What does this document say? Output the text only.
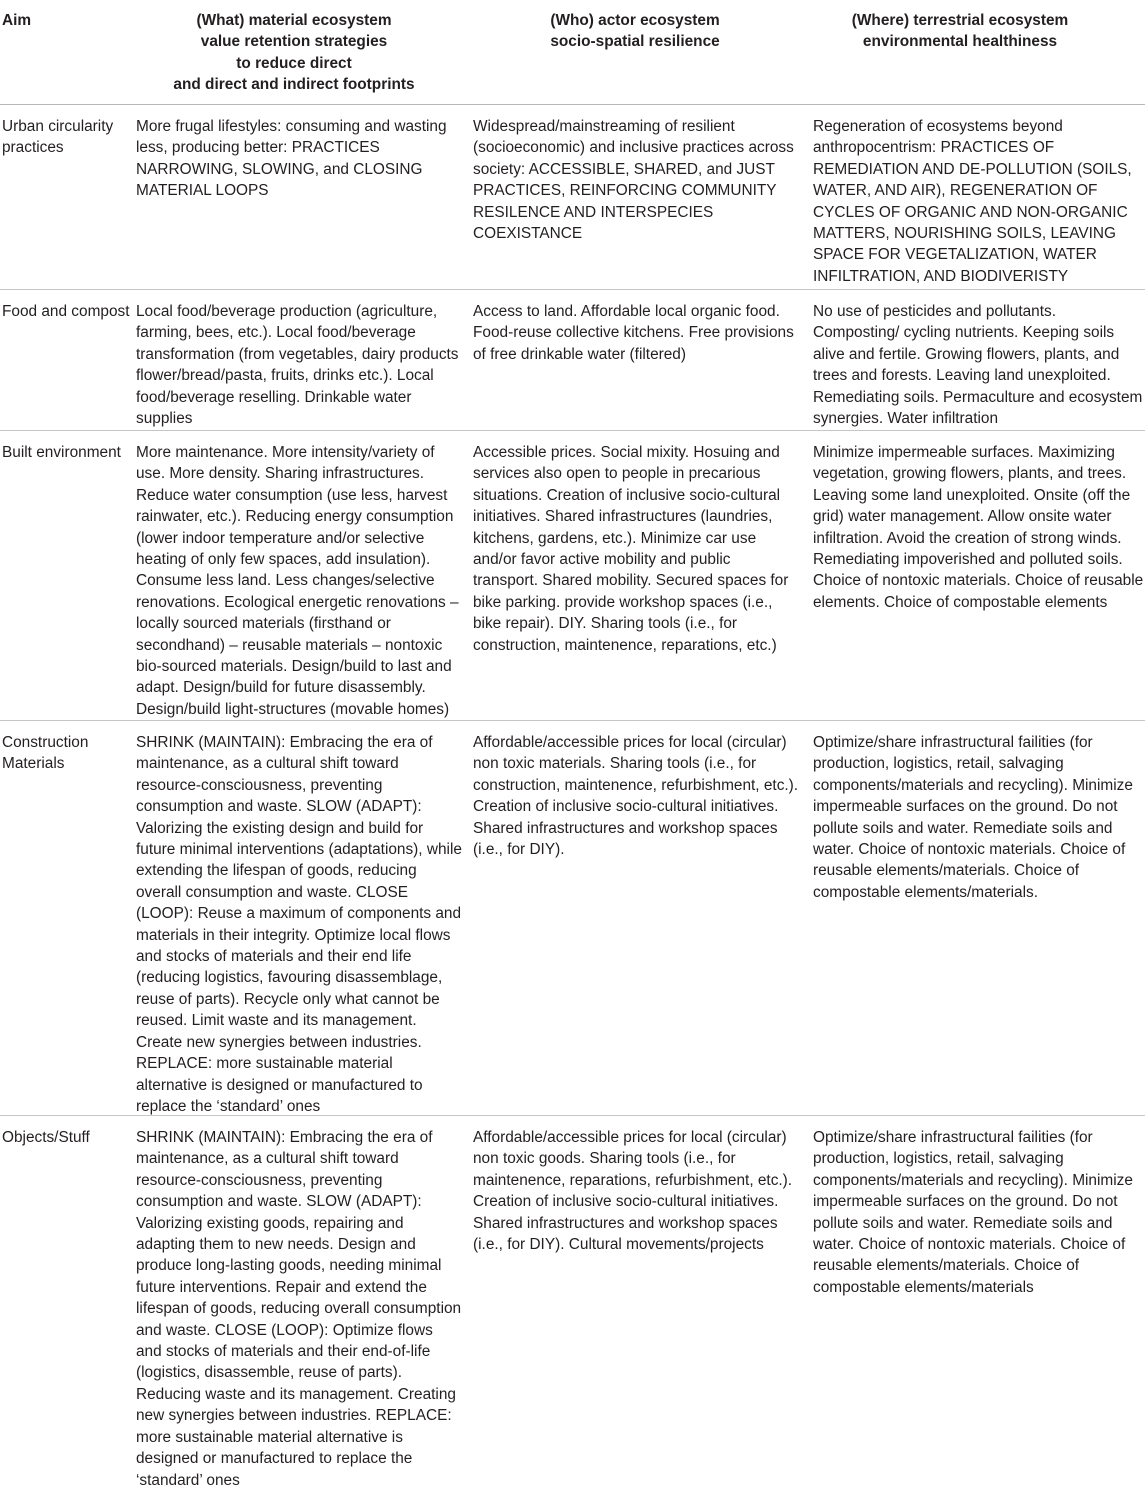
Aim	(What) material ecosystem
value retention strategies
to reduce direct
and direct and indirect footprints
(Who) actor ecosystem
socio-spatial resilience
(Where) terrestrial ecosystem
environmental healthiness
Urban circularity practices
More frugal lifestyles: consuming and wasting less, producing better: PRACTICES NARROWING, SLOWING, and CLOSING MATERIAL LOOPS
Widespread/mainstreaming of resilient (socioeconomic) and inclusive practices across society: ACCESSIBLE, SHARED, and JUST PRACTICES, REINFORCING COMMUNITY RESILENCE AND INTERSPECIES COEXISTANCE
Regeneration of ecosystems beyond anthropocentrism: PRACTICES OF REMEDIATION AND DE-POLLUTION (SOILS, WATER, AND AIR), REGENERATION OF CYCLES OF ORGANIC AND NON-ORGANIC MATTERS, NOURISHING SOILS, LEAVING SPACE FOR VEGETALIZATION, WATER INFILTRATION, AND BIODIVERISTY
Food and compost Local food/beverage production (agriculture, farming, bees, etc.). Local food/beverage transformation (from vegetables, dairy products flower/bread/pasta, fruits, drinks etc.). Local food/beverage reselling. Drinkable water supplies
Access to land. Affordable local organic food. Food-reuse collective kitchens. Free provisions of free drinkable water (filtered)
No use of pesticides and pollutants. Composting/ cycling nutrients. Keeping soils alive and fertile. Growing flowers, plants, and trees and forests. Leaving land unexploited. Remediating soils. Permaculture and ecosystem synergies. Water infiltration
Built environment More maintenance. More intensity/variety of use. More density. Sharing infrastructures. Reduce water consumption (use less, harvest rainwater, etc.). Reducing energy consumption (lower indoor temperature and/or selective heating of only few spaces, add insulation). Consume less land. Less changes/selective renovations. Ecological energetic renovations – locally sourced materials (firsthand or secondhand) – reusable materials – nontoxic bio-sourced materials. Design/build to last and adapt. Design/build for future disassembly. Design/build light-structures (movable homes)
Accessible prices. Social mixity. Hosuing and services also open to people in precarious situations. Creation of inclusive socio-cultural initiatives. Shared infrastructures (laundries, kitchens, gardens, etc.). Minimize car use and/or favor active mobility and public transport. Shared mobility. Secured spaces for bike parking. provide workshop spaces (i.e., bike repair). DIY. Sharing tools (i.e., for construction, maintenence, reparations, etc.)
Minimize impermeable surfaces. Maximizing vegetation, growing flowers, plants, and trees. Leaving some land unexploited. Onsite (off the grid) water management. Allow onsite water infiltration. Avoid the creation of strong winds. Remediating impoverished and polluted soils. Choice of nontoxic materials. Choice of reusable elements. Choice of compostable elements
Construction Materials
SHRINK (MAINTAIN): Embracing the era of maintenance, as a cultural shift toward resource-consciousness, preventing consumption and waste. SLOW (ADAPT): Valorizing the existing design and build for future minimal interventions (adaptations), while extending the lifespan of goods, reducing overall consumption and waste. CLOSE (LOOP): Reuse a maximum of components and materials in their integrity. Optimize local flows and stocks of materials and their end life (reducing logistics, favouring disassemblage, reuse of parts). Recycle only what cannot be reused. Limit waste and its management. Create new synergies between industries. REPLACE: more sustainable material alternative is designed or manufactured to replace the ‘standard’ ones
Affordable/accessible prices for local (circular) non toxic materials. Sharing tools (i.e., for construction, maintenence, refurbishment, etc.). Creation of inclusive socio-cultural initiatives. Shared infrastructures and workshop spaces (i.e., for DIY).
Optimize/share infrastructural failities (for production, logistics, retail, salvaging components/materials and recycling). Minimize impermeable surfaces on the ground. Do not pollute soils and water. Remediate soils and water. Choice of nontoxic materials. Choice of reusable elements/materials. Choice of compostable elements/materials.
Objects/Stuff	SHRINK (MAINTAIN): Embracing the era of maintenance, as a cultural shift toward resource-consciousness, preventing consumption and waste. SLOW (ADAPT): Valorizing existing goods, repairing and adapting them to new needs. Design and produce long-lasting goods, needing minimal future interventions. Repair and extend the lifespan of goods, reducing overall consumption and waste. CLOSE (LOOP): Optimize flows and stocks of materials and their end-of-life (logistics, disassemble, reuse of parts). Reducing waste and its management. Creating new synergies between industries. REPLACE: more sustainable material alternative is designed or manufactured to replace the ‘standard’ ones
Affordable/accessible prices for local (circular) non toxic goods. Sharing tools (i.e., for maintenence, reparations, refurbishment, etc.). Creation of inclusive socio-cultural initiatives. Shared infrastructures and workshop spaces (i.e., for DIY). Cultural movements/projects
Optimize/share infrastructural failities (for production, logistics, retail, salvaging components/materials and recycling). Minimize impermeable surfaces on the ground. Do not pollute soils and water. Remediate soils and water. Choice of nontoxic materials. Choice of reusable elements/materials. Choice of compostable elements/materials
